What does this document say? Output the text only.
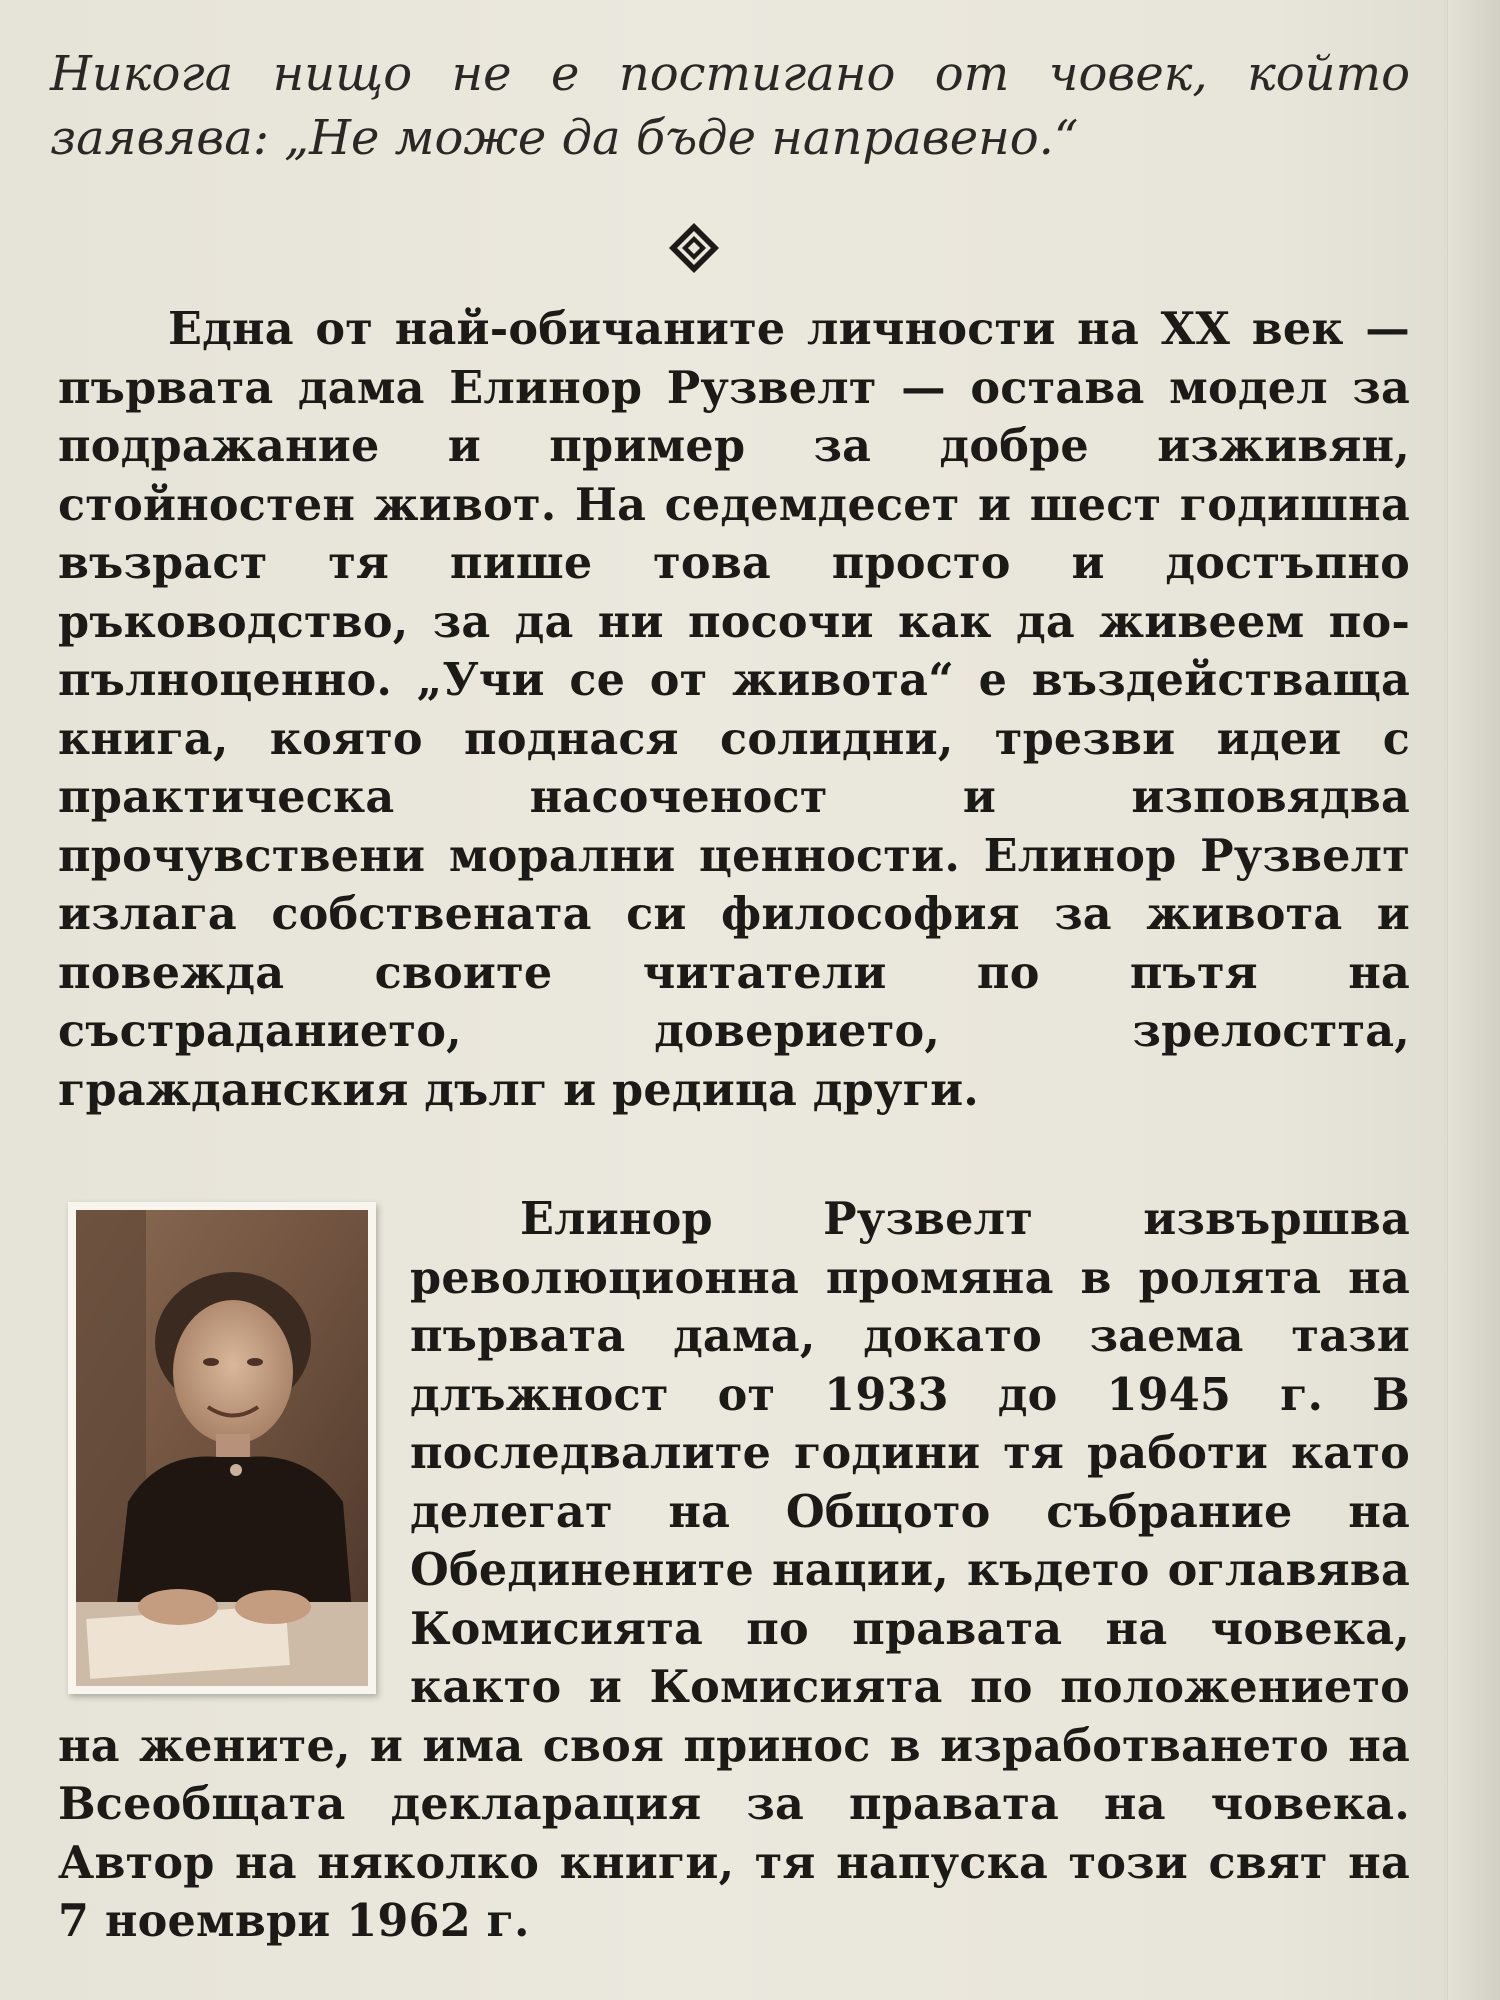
Никога нищо не е постигано от човек, който заявява: „Не може да бъде направено.“
Една от най-обичаните личности на XX век — първата дама Елинор Рузвелт — остава модел за подражание и пример за добре изживян, стойностен живот. На седемдесет и шест годишна възраст тя пише това просто и достъпно ръководство, за да ни посочи как да живеем по-пълноценно. „Учи се от живота“ е въздействаща книга, която поднася солидни, трезви идеи с практическа насоченост и изповядва прочувствени морални ценности. Елинор Рузвелт излага собствената си философия за живота и повежда своите читатели по пътя на състраданието, доверието, зрелостта, гражданския дълг и редица други.
Елинор Рузвелт извършва революционна промяна в ролята на първата дама, докато заема тази длъжност от 1933 до 1945 г. В последвалите години тя работи като делегат на Общото събрание на Обединените нации, където оглавява Комисията по правата на човека, както и Комисията по положението на жените, и има своя принос в изработването на Всеобщата декларация за правата на човека. Автор на няколко книги, тя напуска този свят на 7 ноември 1962 г.
